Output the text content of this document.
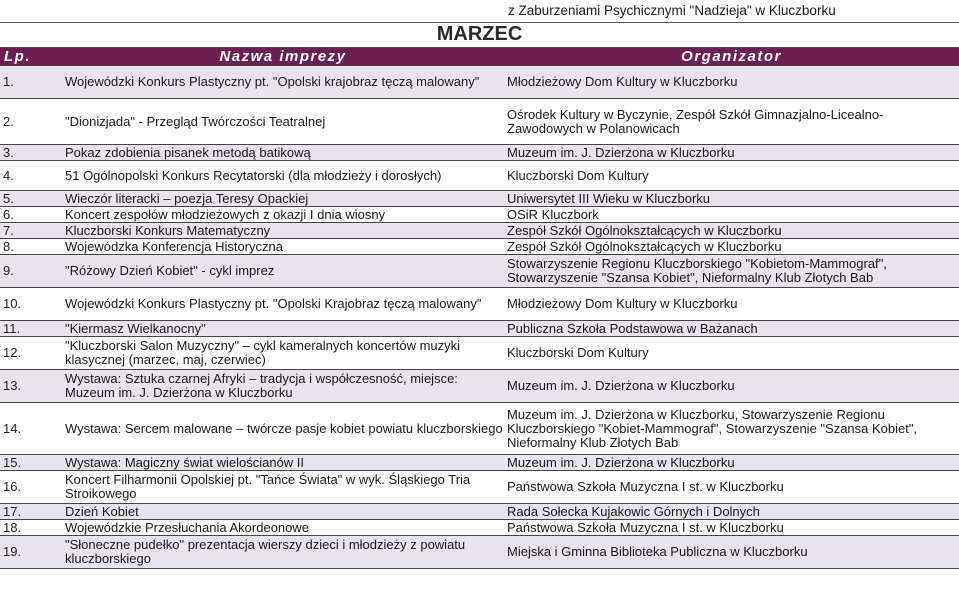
z Zaburzeniami Psychicznymi "Nadzieja" w Kluczborku
MARZEC
Lp.	Nazwa imprezy	Organizator
1.	Wojewódzki Konkurs Plastyczny pt. "Opolski krajobraz tęczą malowany"	Młodzieżowy Dom Kultury w Kluczborku
2.	"Dionizjada" - Przegląd Twórczości Teatralnej	Ośrodek Kultury w Byczynie, Zespół Szkół Gimnazjalno-Licealno-Zawodowych w Polanowicach
3.	Pokaz zdobienia pisanek metodą batikową	Muzeum im. J. Dzierżona w Kluczborku
4.	51 Ogólnopolski Konkurs Recytatorski (dla młodzieży i dorosłych)	Kluczborski Dom Kultury
5.	Wieczór literacki – poezja Teresy Opackiej	Uniwersytet III Wieku w Kluczborku
6.	Koncert zespołów młodzieżowych z okazji I dnia wiosny	OSiR Kluczbork
7.	Kluczborski Konkurs Matematyczny	Zespół Szkół Ogólnokształcących w Kluczborku
8.	Wojewódzka Konferencja Historyczna	Zespół Szkół Ogólnokształcących w Kluczborku
9.	"Różowy Dzień Kobiet" - cykl imprez	Stowarzyszenie Regionu Kluczborskiego "Kobietom-Mammograf", Stowarzyszenie "Szansa Kobiet", Nieformalny Klub Złotych Bab
10.	Wojewódzki Konkurs Plastyczny pt. "Opolski Krajobraz tęczą malowany"	Młodzieżowy Dom Kultury w Kluczborku
11.	"Kiermasz Wielkanocny"	Publiczna Szkoła Podstawowa w Bażanach
12.	"Kluczborski Salon Muzyczny" – cykl kameralnych koncertów muzyki klasycznej (marzec, maj, czerwiec)	Kluczborski Dom Kultury
13.	Wystawa: Sztuka czarnej Afryki – tradycja i współczesność, miejsce: Muzeum im. J. Dzierżona w Kluczborku	Muzeum im. J. Dzierżona w Kluczborku
14.	Wystawa: Sercem malowane – twórcze pasje kobiet powiatu kluczborskiego	Muzeum im. J. Dzierżona w Kluczborku, Stowarzyszenie Regionu Kluczborskiego "Kobiet-Mammograf", Stowarzyszenie "Szansa Kobiet", Nieformalny Klub Złotych Bab
15.	Wystawa: Magiczny świat wielościanów II	Muzeum im. J. Dzierżona w Kluczborku
16.	Koncert Filharmonii Opolskiej pt. "Tańce Świata" w wyk. Śląskiego Tria Stroikowego	Państwowa Szkoła Muzyczna I st. w Kluczborku
17.	Dzień Kobiet	Rada Sołecka Kujakowic Górnych i Dolnych
18.	Wojewódzkie Przesłuchania Akordeonowe	Państwowa Szkoła Muzyczna I st. w Kluczborku
19.	"Słoneczne pudełko" prezentacja wierszy dzieci i młodzieży z powiatu kluczborskiego	Miejska i Gminna Biblioteka Publiczna w Kluczborku
